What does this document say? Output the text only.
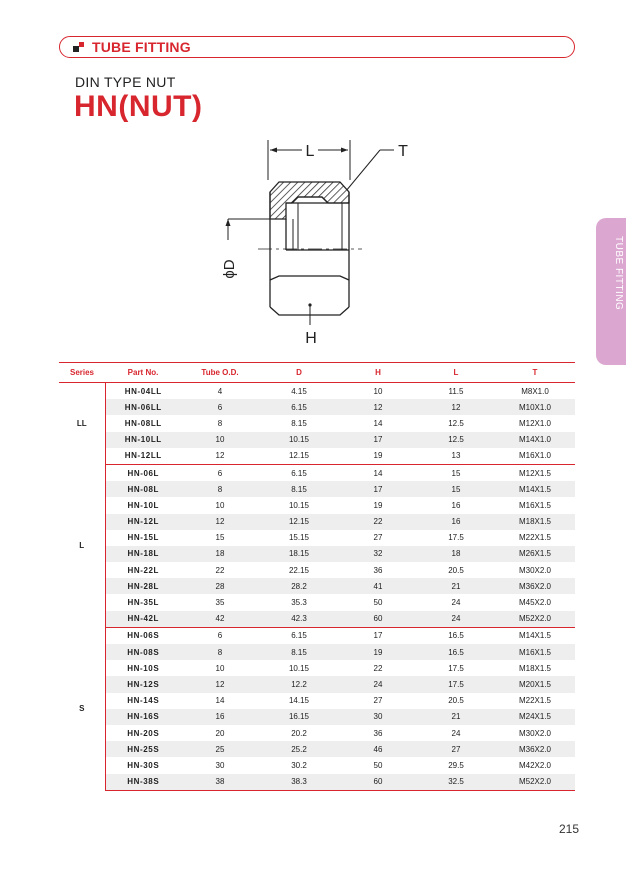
TUBE FITTING
DIN TYPE NUT
HN(NUT)
TUBE FITTING
L	T
ϕD
H
Series	Part No.	Tube O.D.	D	H	L	T
LL	HN-04LL	4	4.15	10	11.5	M8X1.0
	HN-06LL	6	6.15	12	12	M10X1.0
	HN-08LL	8	8.15	14	12.5	M12X1.0
	HN-10LL	10	10.15	17	12.5	M14X1.0
	HN-12LL	12	12.15	19	13	M16X1.0
L	HN-06L	6	6.15	14	15	M12X1.5
	HN-08L	8	8.15	17	15	M14X1.5
	HN-10L	10	10.15	19	16	M16X1.5
	HN-12L	12	12.15	22	16	M18X1.5
	HN-15L	15	15.15	27	17.5	M22X1.5
	HN-18L	18	18.15	32	18	M26X1.5
	HN-22L	22	22.15	36	20.5	M30X2.0
	HN-28L	28	28.2	41	21	M36X2.0
	HN-35L	35	35.3	50	24	M45X2.0
	HN-42L	42	42.3	60	24	M52X2.0
S	HN-06S	6	6.15	17	16.5	M14X1.5
	HN-08S	8	8.15	19	16.5	M16X1.5
	HN-10S	10	10.15	22	17.5	M18X1.5
	HN-12S	12	12.2	24	17.5	M20X1.5
	HN-14S	14	14.15	27	20.5	M22X1.5
	HN-16S	16	16.15	30	21	M24X1.5
	HN-20S	20	20.2	36	24	M30X2.0
	HN-25S	25	25.2	46	27	M36X2.0
	HN-30S	30	30.2	50	29.5	M42X2.0
	HN-38S	38	38.3	60	32.5	M52X2.0
215
